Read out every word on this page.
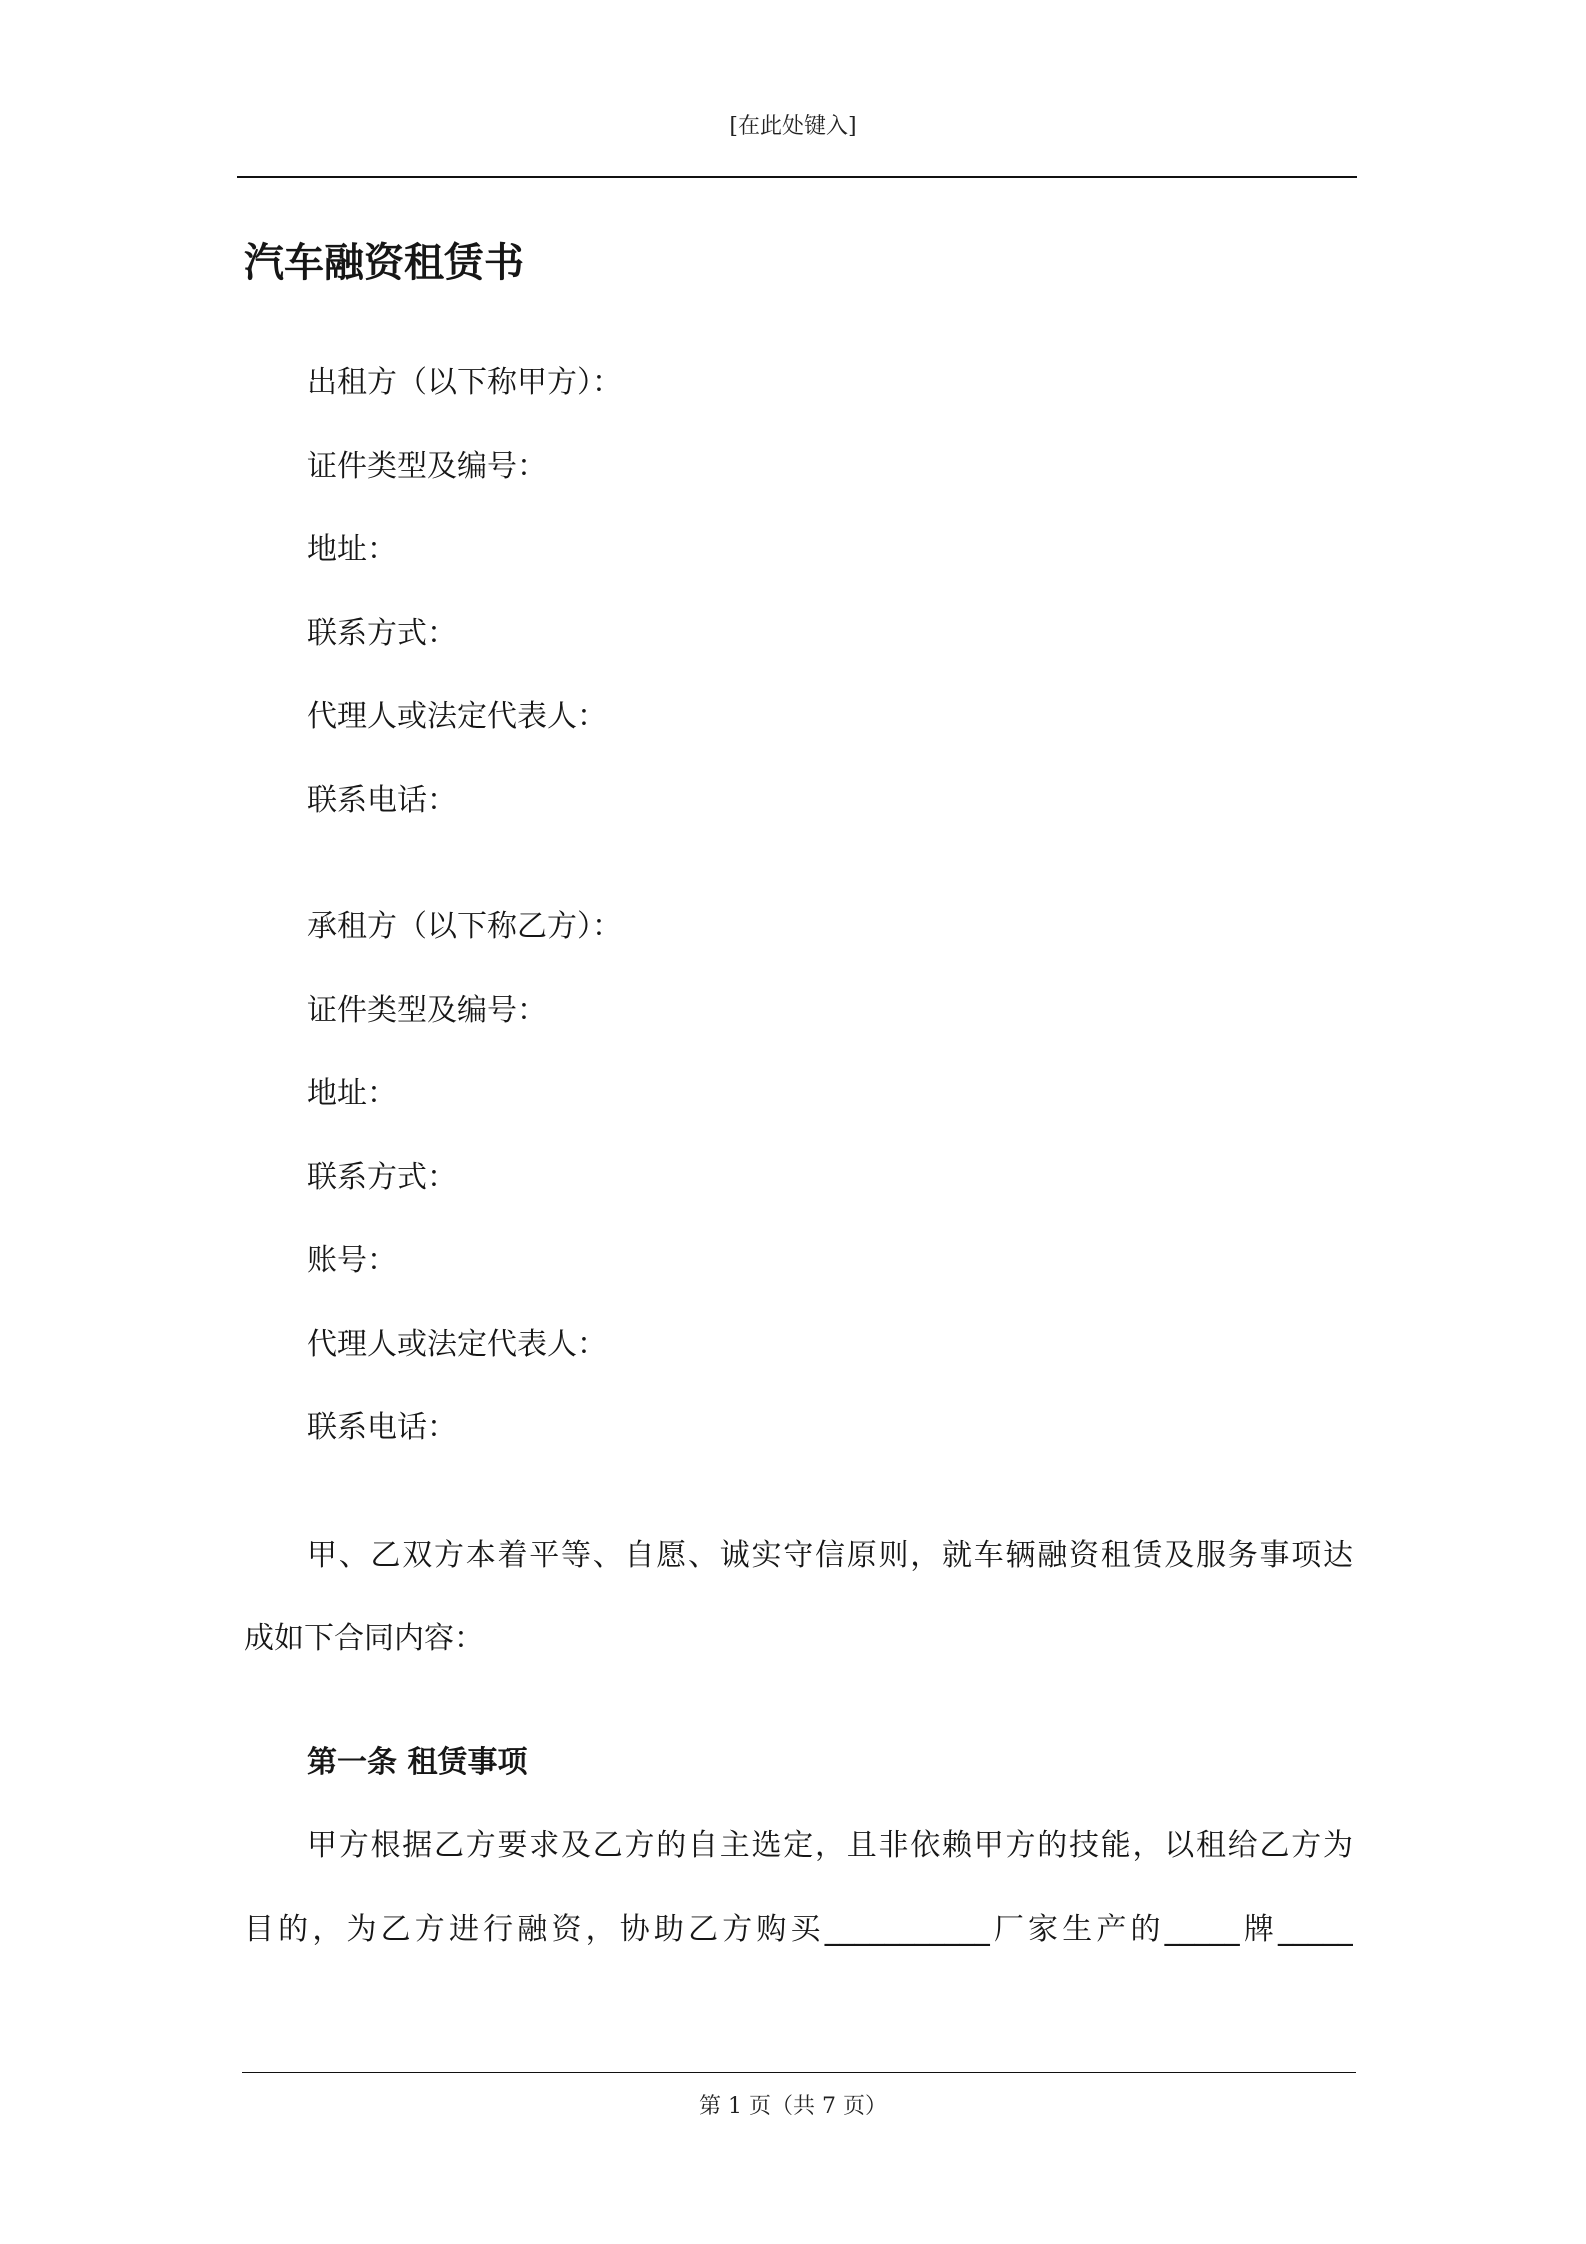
[在此处键入]
汽车融资租赁书
出租方（以下称甲方）：
证件类型及编号：
地址：
联系方式：
代理人或法定代表人：
联系电话：
承租方（以下称乙方）：
证件类型及编号：
地址：
联系方式：
账号：
代理人或法定代表人：
联系电话：
甲、乙双方本着平等、自愿、诚实守信原则，就车辆融资租赁及服务事项达
成如下合同内容：
第一条 租赁事项
甲方根据乙方要求及乙方的自主选定，且非依赖甲方的技能，以租给乙方为
目的，为乙方进行融资，协助乙方购买___________厂家生产的_____牌_____
第 1 页（共 7 页）
